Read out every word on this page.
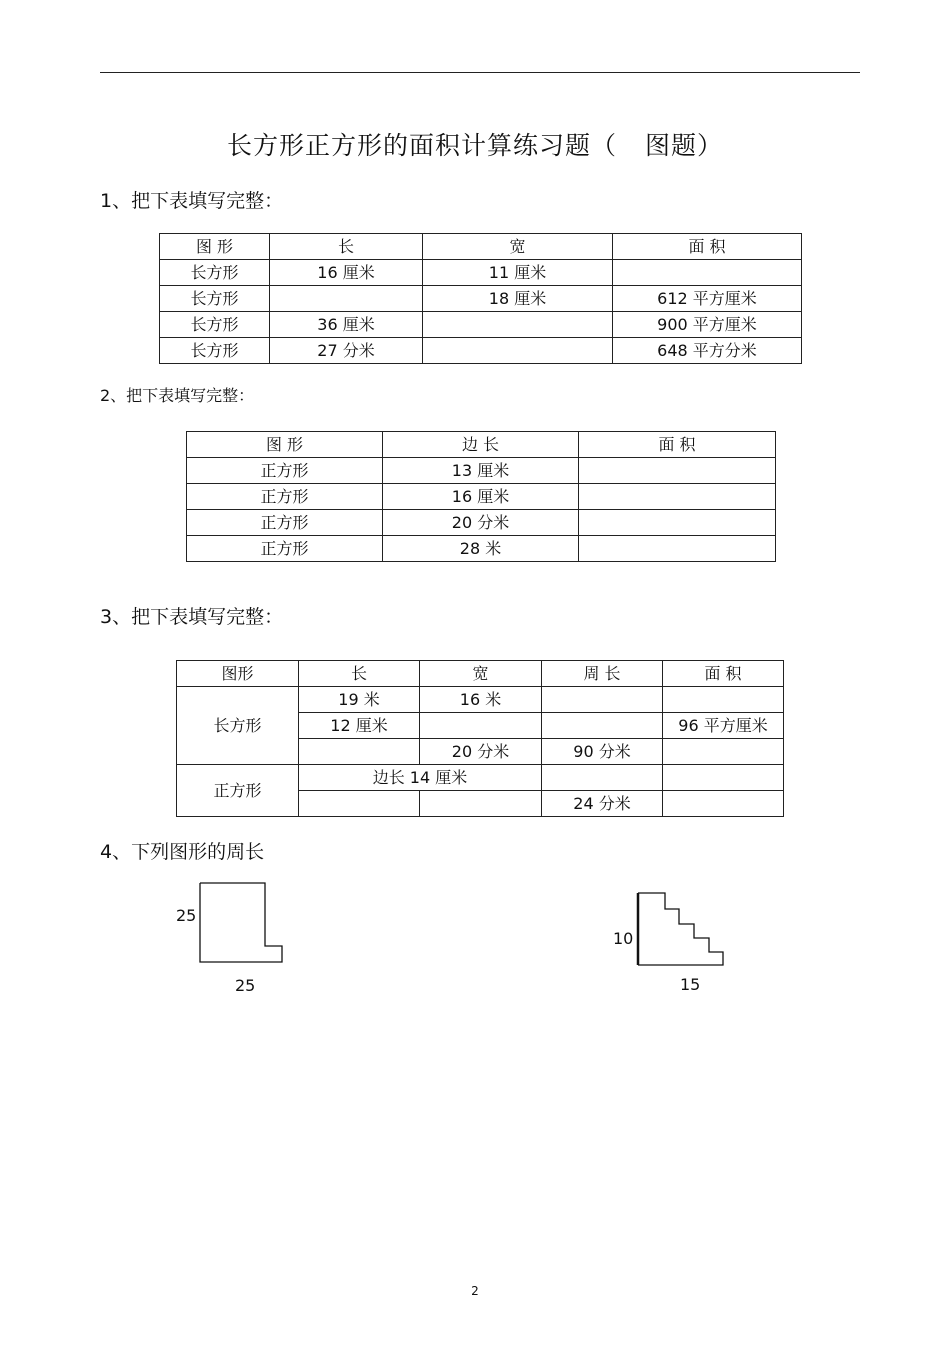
长方形正方形的面积计算练习题（ 图题）
1、把下表填写完整：
图 形	长	宽	面 积
长方形	16 厘米	11 厘米	
长方形		18 厘米	612 平方厘米
长方形	36 厘米		900 平方厘米
长方形	27 分米		648 平方分米
2、把下表填写完整：
图 形	边 长	面 积
正方形	13 厘米	
正方形	16 厘米	
正方形	20 分米	
正方形	28 米	
3、把下表填写完整：
图形	长	宽	周 长	面 积
长方形	19 米	16 米		
	12 厘米			96 平方厘米
		20 分米	90 分米	
正方形	边长 14 厘米			
			24 分米	
4、下列图形的周长
25
25
10
15
2
